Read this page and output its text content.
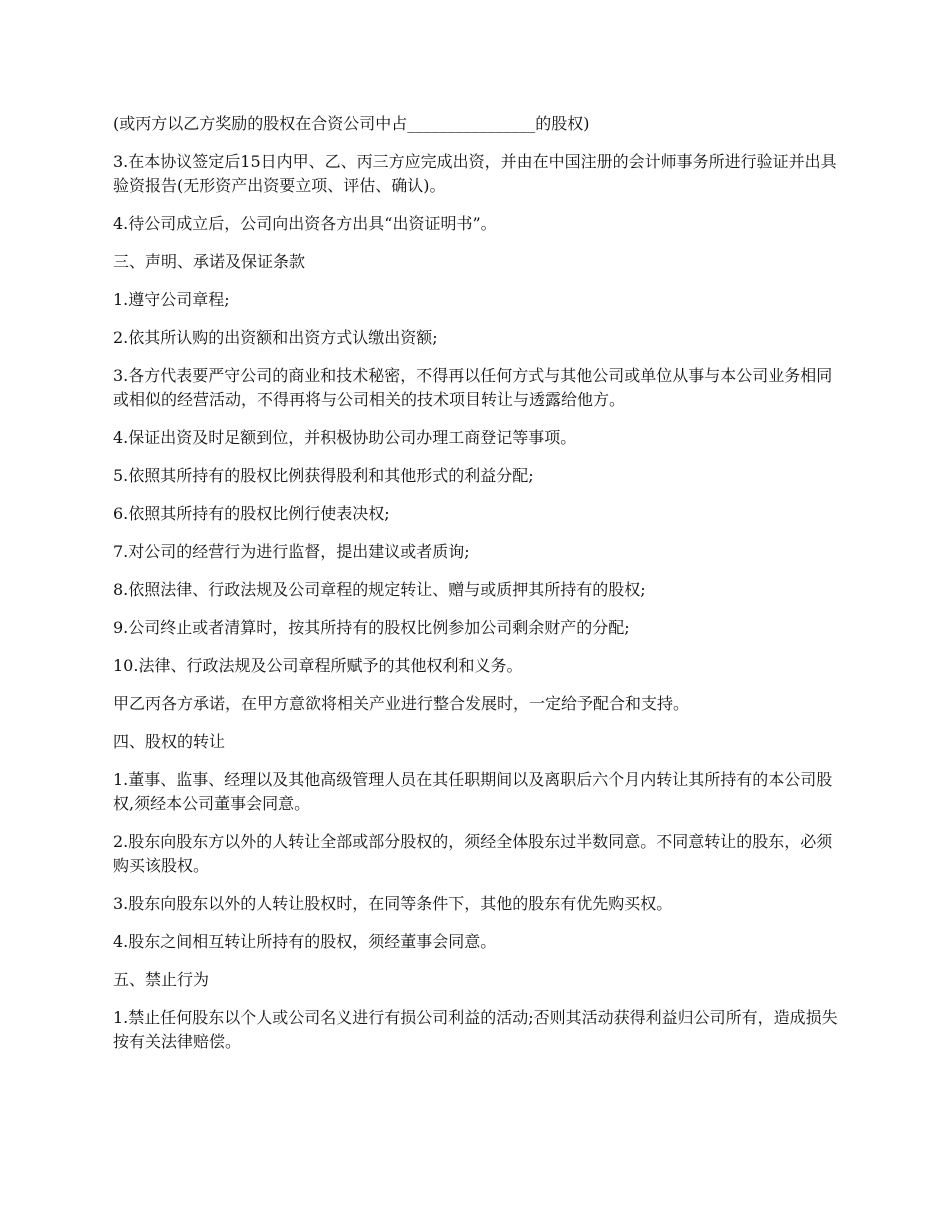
(或丙方以乙方奖励的股权在合资公司中占________________的股权)

3.在本协议签定后15日内甲、乙、丙三方应完成出资，并由在中国注册的会计师事务所进行验证并出具验资报告(无形资产出资要立项、评估、确认)。

4.待公司成立后，公司向出资各方出具“出资证明书”。

三、声明、承诺及保证条款

1.遵守公司章程;

2.依其所认购的出资额和出资方式认缴出资额;

3.各方代表要严守公司的商业和技术秘密，不得再以任何方式与其他公司或单位从事与本公司业务相同或相似的经营活动，不得再将与公司相关的技术项目转让与透露给他方。

4.保证出资及时足额到位，并积极协助公司办理工商登记等事项。

5.依照其所持有的股权比例获得股利和其他形式的利益分配;

6.依照其所持有的股权比例行使表决权;

7.对公司的经营行为进行监督，提出建议或者质询;

8.依照法律、行政法规及公司章程的规定转让、赠与或质押其所持有的股权;

9.公司终止或者清算时，按其所持有的股权比例参加公司剩余财产的分配;

10.法律、行政法规及公司章程所赋予的其他权利和义务。

甲乙丙各方承诺，在甲方意欲将相关产业进行整合发展时，一定给予配合和支持。

四、股权的转让

1.董事、监事、经理以及其他高级管理人员在其任职期间以及离职后六个月内转让其所持有的本公司股权,须经本公司董事会同意。

2.股东向股东方以外的人转让全部或部分股权的，须经全体股东过半数同意。不同意转让的股东，必须购买该股权。

3.股东向股东以外的人转让股权时，在同等条件下，其他的股东有优先购买权。

4.股东之间相互转让所持有的股权，须经董事会同意。

五、禁止行为

1.禁止任何股东以个人或公司名义进行有损公司利益的活动;否则其活动获得利益归公司所有，造成损失按有关法律赔偿。
